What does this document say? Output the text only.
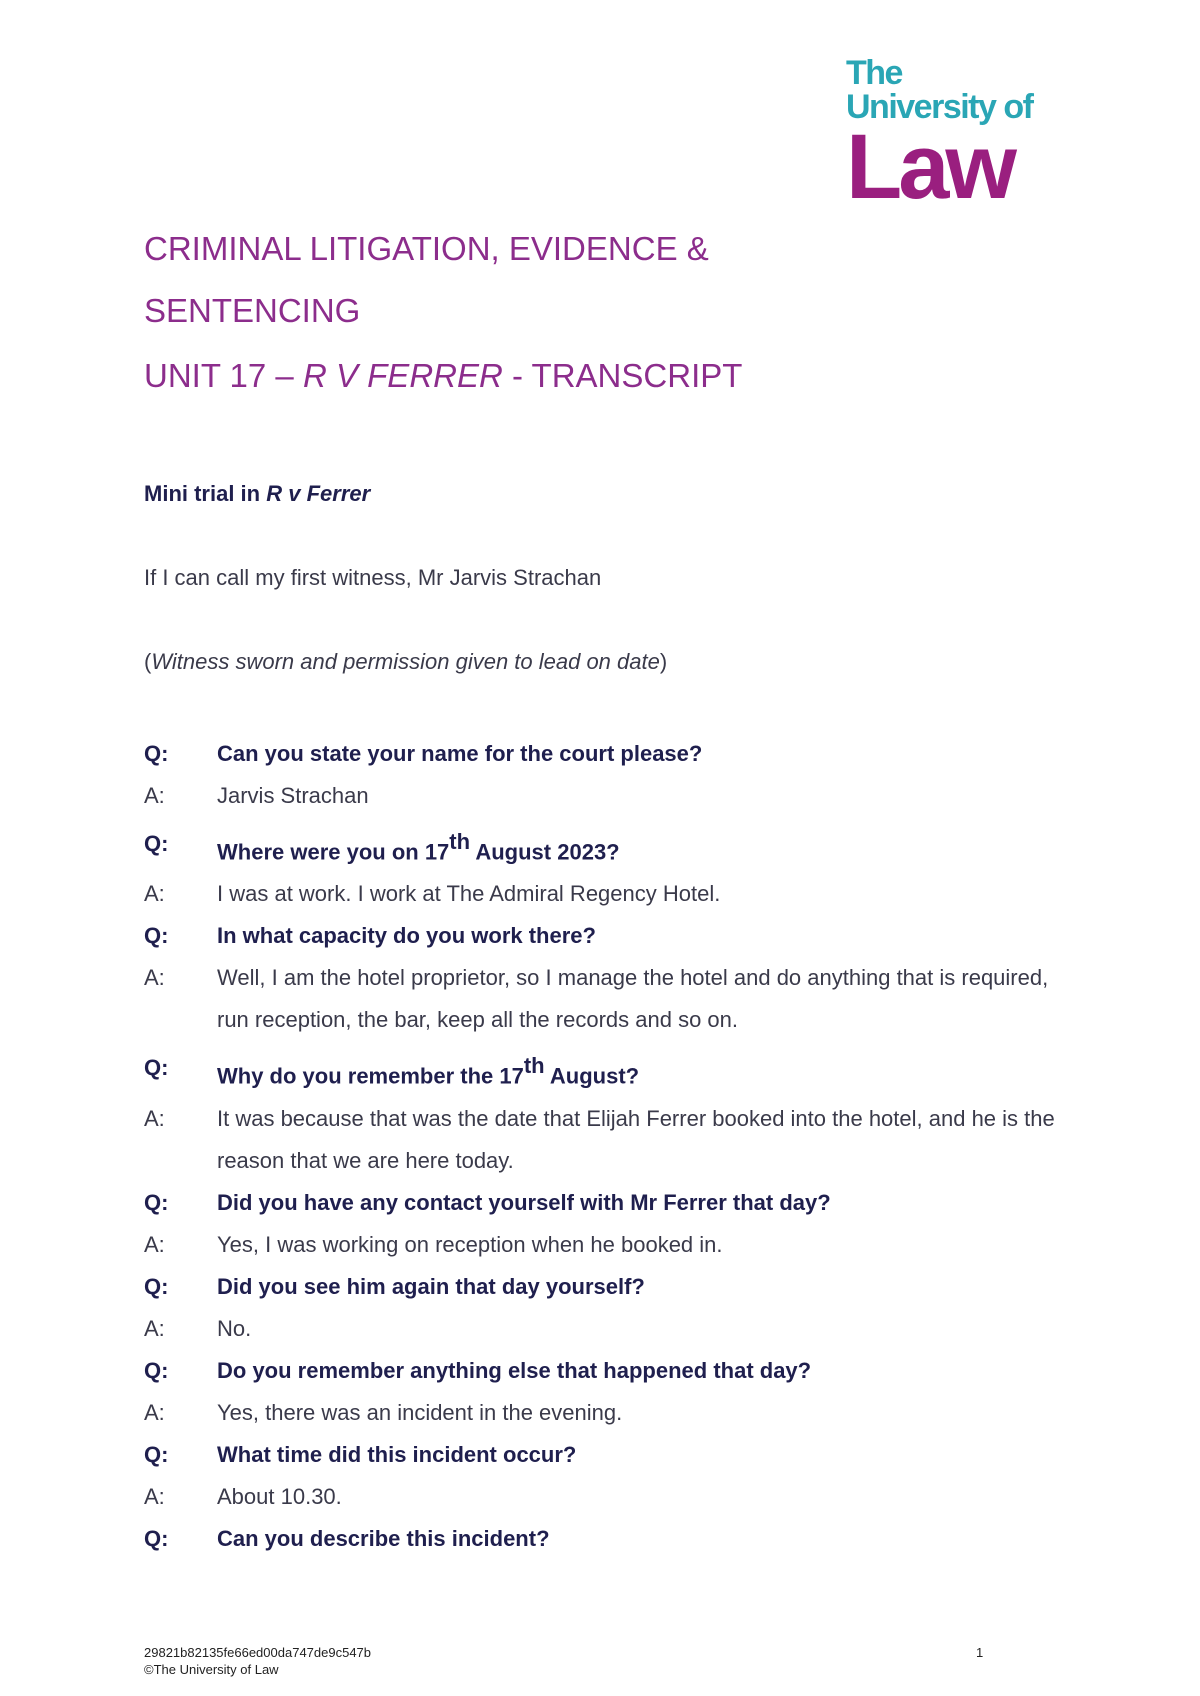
The
University of
Law
CRIMINAL LITIGATION, EVIDENCE &
SENTENCING
UNIT 17 – R V FERRER - TRANSCRIPT
Mini trial in R v Ferrer
If I can call my first witness, Mr Jarvis Strachan
(Witness sworn and permission given to lead on date)
Q:	Can you state your name for the court please?
A:	Jarvis Strachan
Q:	Where were you on 17th August 2023?
A:	I was at work. I work at The Admiral Regency Hotel.
Q:	In what capacity do you work there?
A:	Well, I am the hotel proprietor, so I manage the hotel and do anything that is required, run reception, the bar, keep all the records and so on.
Q:	Why do you remember the 17th August?
A:	It was because that was the date that Elijah Ferrer booked into the hotel, and he is the reason that we are here today.
Q:	Did you have any contact yourself with Mr Ferrer that day?
A:	Yes, I was working on reception when he booked in.
Q:	Did you see him again that day yourself?
A:	No.
Q:	Do you remember anything else that happened that day?
A:	Yes, there was an incident in the evening.
Q:	What time did this incident occur?
A:	About 10.30.
Q:	Can you describe this incident?
29821b82135fe66ed00da747de9c547b
©The University of Law
1
